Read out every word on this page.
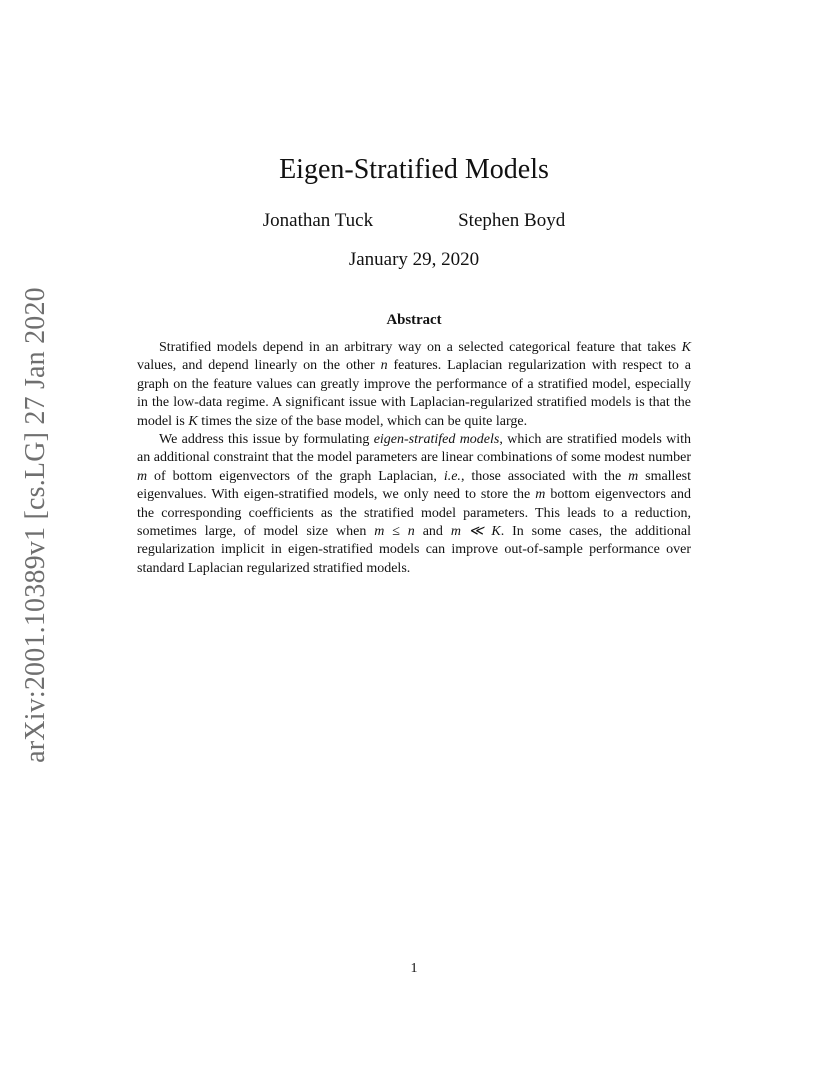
arXiv:2001.10389v1 [cs.LG] 27 Jan 2020
Eigen-Stratified Models
Jonathan Tuck	Stephen Boyd
January 29, 2020
Abstract

Stratified models depend in an arbitrary way on a selected categorical feature that takes K values, and depend linearly on the other n features. Laplacian regularization with respect to a graph on the feature values can greatly improve the performance of a stratified model, especially in the low-data regime. A significant issue with Laplacian-regularized stratified models is that the model is K times the size of the base model, which can be quite large.

We address this issue by formulating eigen-stratifed models, which are stratified models with an additional constraint that the model parameters are linear combinations of some modest number m of bottom eigenvectors of the graph Laplacian, i.e., those associated with the m smallest eigenvalues. With eigen-stratified models, we only need to store the m bottom eigenvectors and the corresponding coefficients as the stratified model parameters. This leads to a reduction, sometimes large, of model size when m ≤ n and m ≪ K. In some cases, the additional regularization implicit in eigen-stratified models can improve out-of-sample performance over standard Laplacian regularized stratified models.

1
